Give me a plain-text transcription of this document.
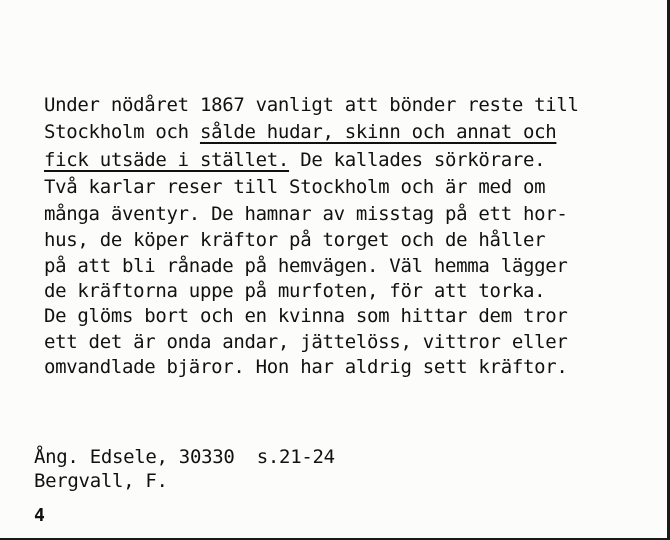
Under nödåret 1867 vanligt att bönder reste till
Stockholm och sålde hudar, skinn och annat och
fick utsäde i stället. De kallades sörkörare.
Två karlar reser till Stockholm och är med om
många äventyr. De hamnar av misstag på ett hor-
hus, de köper kräftor på torget och de håller
på att bli rånade på hemvägen. Väl hemma lägger
de kräftorna uppe på murfoten, för att torka.
De glöms bort och en kvinna som hittar dem tror
ett det är onda andar, jättelöss, vittror eller
omvandlade bjäror. Hon har aldrig sett kräftor.
Ång. Edsele, 30330  s.21-24
Bergvall, F.
4
